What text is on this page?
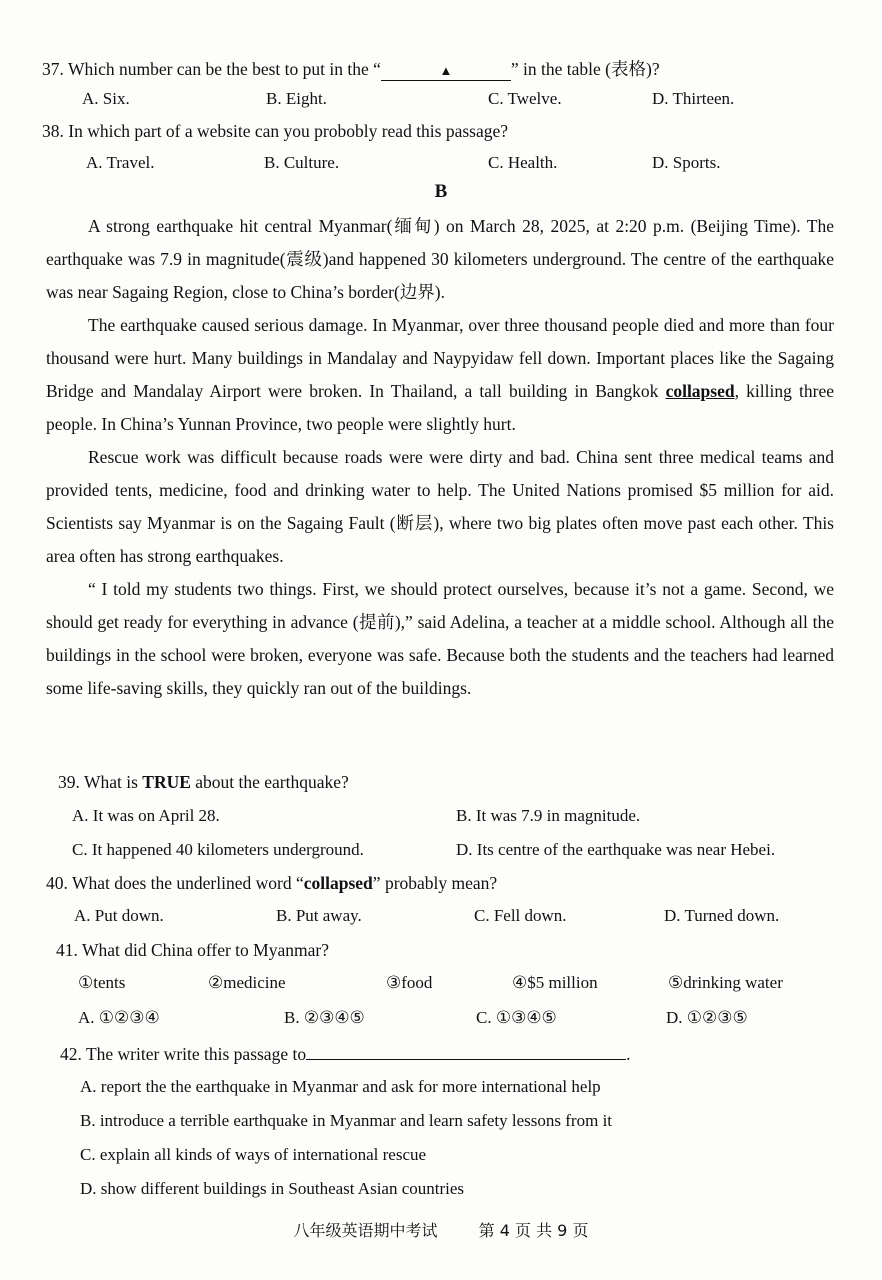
37. Which number can be the best to put in the “	▲	” in the table (表格)?
A. Six.	B. Eight.	C. Twelve.	D. Thirteen.
38. In which part of a website can you probobly read this passage?
A. Travel.	B. Culture.	C. Health.	D. Sports.
B

A strong earthquake hit central Myanmar(缅甸) on March 28, 2025, at 2:20 p.m. (Beijing Time). The earthquake was 7.9 in magnitude(震级)and happened 30 kilometers underground. The centre of the earthquake was near Sagaing Region, close to China’s border(边界).

The earthquake caused serious damage. In Myanmar, over three thousand people died and more than four thousand were hurt. Many buildings in Mandalay and Naypyidaw fell down. Important places like the Sagaing Bridge and Mandalay Airport were broken. In Thailand, a tall building in Bangkok collapsed, killing three people. In China’s Yunnan Province, two people were slightly hurt.

Rescue work was difficult because roads were were dirty and bad. China sent three medical teams and provided tents, medicine, food and drinking water to help. The United Nations promised $5 million for aid. Scientists say Myanmar is on the Sagaing Fault (断层), where two big plates often move past each other. This area often has strong earthquakes.

“ I told my students two things. First, we should protect ourselves, because it’s not a game. Second, we should get ready for everything in advance (提前),” said Adelina, a teacher at a middle school. Although all the buildings in the school were broken, everyone was safe. Because both the students and the teachers had learned some life-saving skills, they quickly ran out of the buildings.

39. What is TRUE about the earthquake?
A. It was on April 28.	B. It was 7.9 in magnitude.
C. It happened 40 kilometers underground.	D. Its centre of the earthquake was near Hebei.
40. What does the underlined word “collapsed” probably mean?
A. Put down.	B. Put away.	C. Fell down.	D. Turned down.
41. What did China offer to Myanmar?
①tents	②medicine	③food	④$5 million	⑤drinking water
A. ①②③④	B. ②③④⑤	C. ①③④⑤	D. ①②③⑤
42. The writer write this passage to	.
A. report the the earthquake in Myanmar and ask for more international help
B. introduce a terrible earthquake in Myanmar and learn safety lessons from it
C. explain all kinds of ways of international rescue
D. show different buildings in Southeast Asian countries
八年级英语期中考试	第 4 页 共 9 页
